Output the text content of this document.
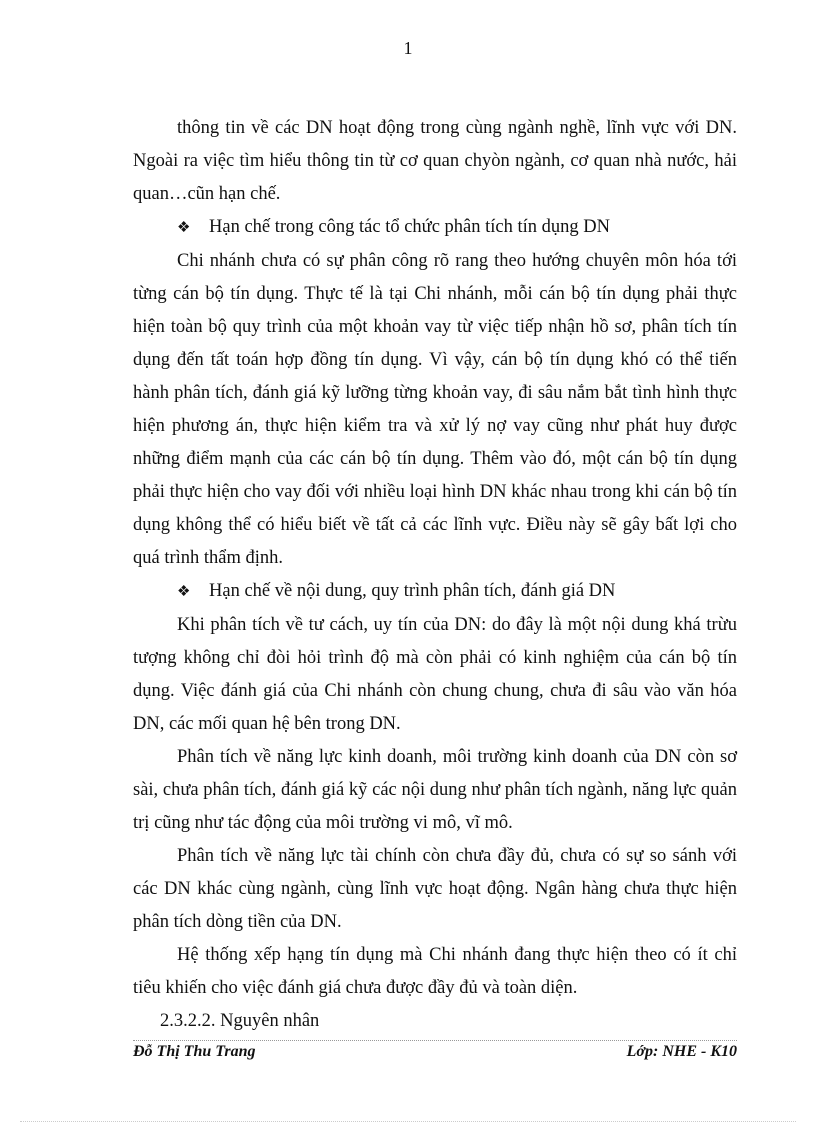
1

thông tin về các DN hoạt động trong cùng ngành nghề, lĩnh vực với DN. Ngoài ra việc tìm hiểu thông tin từ cơ quan chyòn ngành, cơ quan nhà nước, hải quan…cũn hạn chế.

❖	Hạn chế trong công tác tổ chức phân tích tín dụng DN

Chi nhánh chưa có sự phân công rõ rang theo hướng chuyên môn hóa tới từng cán bộ tín dụng. Thực tế là tại Chi nhánh, mỗi cán bộ tín dụng phải thực hiện toàn bộ quy trình của một khoản vay từ việc tiếp nhận hồ sơ, phân tích tín dụng đến tất toán hợp đồng tín dụng. Vì vậy, cán bộ tín dụng khó có thể tiến hành phân tích, đánh giá kỹ lưỡng từng khoản vay, đi sâu nắm bắt tình hình thực hiện phương án, thực hiện kiểm tra và xử lý nợ vay cũng như phát huy được những điểm mạnh của các cán bộ tín dụng. Thêm vào đó, một cán bộ tín dụng phải thực hiện cho vay đối với nhiều loại hình DN khác nhau trong khi cán bộ tín dụng không thể có hiểu biết về tất cả các lĩnh vực. Điều này sẽ gây bất lợi cho quá trình thẩm định.

❖	Hạn chế về nội dung, quy trình phân tích, đánh giá DN

Khi phân tích về tư cách, uy tín của DN: do đây là một nội dung khá trừu tượng không chỉ đòi hỏi trình độ mà còn phải có kinh nghiệm của cán bộ tín dụng. Việc đánh giá của Chi nhánh còn chung chung, chưa đi sâu vào văn hóa DN, các mối quan hệ bên trong DN.

Phân tích về năng lực kinh doanh, môi trường kinh doanh của DN còn sơ sài, chưa phân tích, đánh giá kỹ các nội dung như phân tích ngành, năng lực quản trị cũng như tác động của môi trường vi mô, vĩ mô.

Phân tích về năng lực tài chính còn chưa đầy đủ, chưa có sự so sánh với các DN khác cùng ngành, cùng lĩnh vực hoạt động. Ngân hàng chưa thực hiện phân tích dòng tiền của DN.

Hệ thống xếp hạng tín dụng mà Chi nhánh đang thực hiện theo có ít chỉ tiêu khiến cho việc đánh giá chưa được đầy đủ và toàn diện.

2.3.2.2. Nguyên nhân
Đỗ Thị Thu Trang	Lớp: NHE - K10
